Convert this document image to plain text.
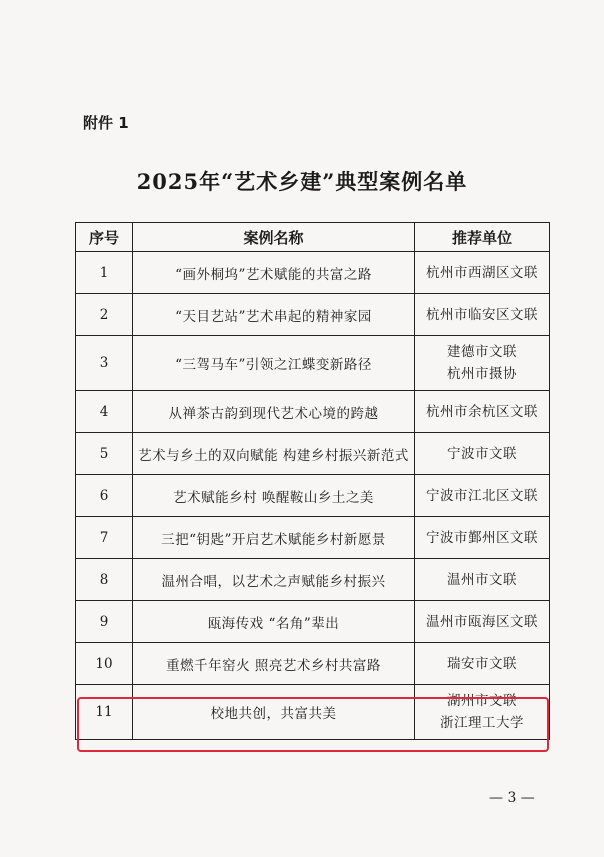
附件 1
2025年“艺术乡建”典型案例名单
序号	案例名称	推荐单位
1	“画外桐坞”艺术赋能的共富之路	杭州市西湖区文联

2	“天目艺站”艺术串起的精神家园	杭州市临安区文联

3	“三驾马车”引领之江蝶变新路径	建德市文联
杭州市摄协

4	从禅茶古韵到现代艺术心境的跨越	杭州市余杭区文联

5	艺术与乡土的双向赋能 构建乡村振兴新范式	宁波市文联

6	艺术赋能乡村 唤醒鞍山乡土之美	宁波市江北区文联

7	三把“钥匙”开启艺术赋能乡村新愿景	宁波市鄞州区文联

8	温州合唱，以艺术之声赋能乡村振兴	温州市文联

9	瓯海传戏 “名角”辈出	温州市瓯海区文联

10	重燃千年窑火 照亮艺术乡村共富路	瑞安市文联

11	校地共创，共富共美	湖州市文联
浙江理工大学
— 3 —
